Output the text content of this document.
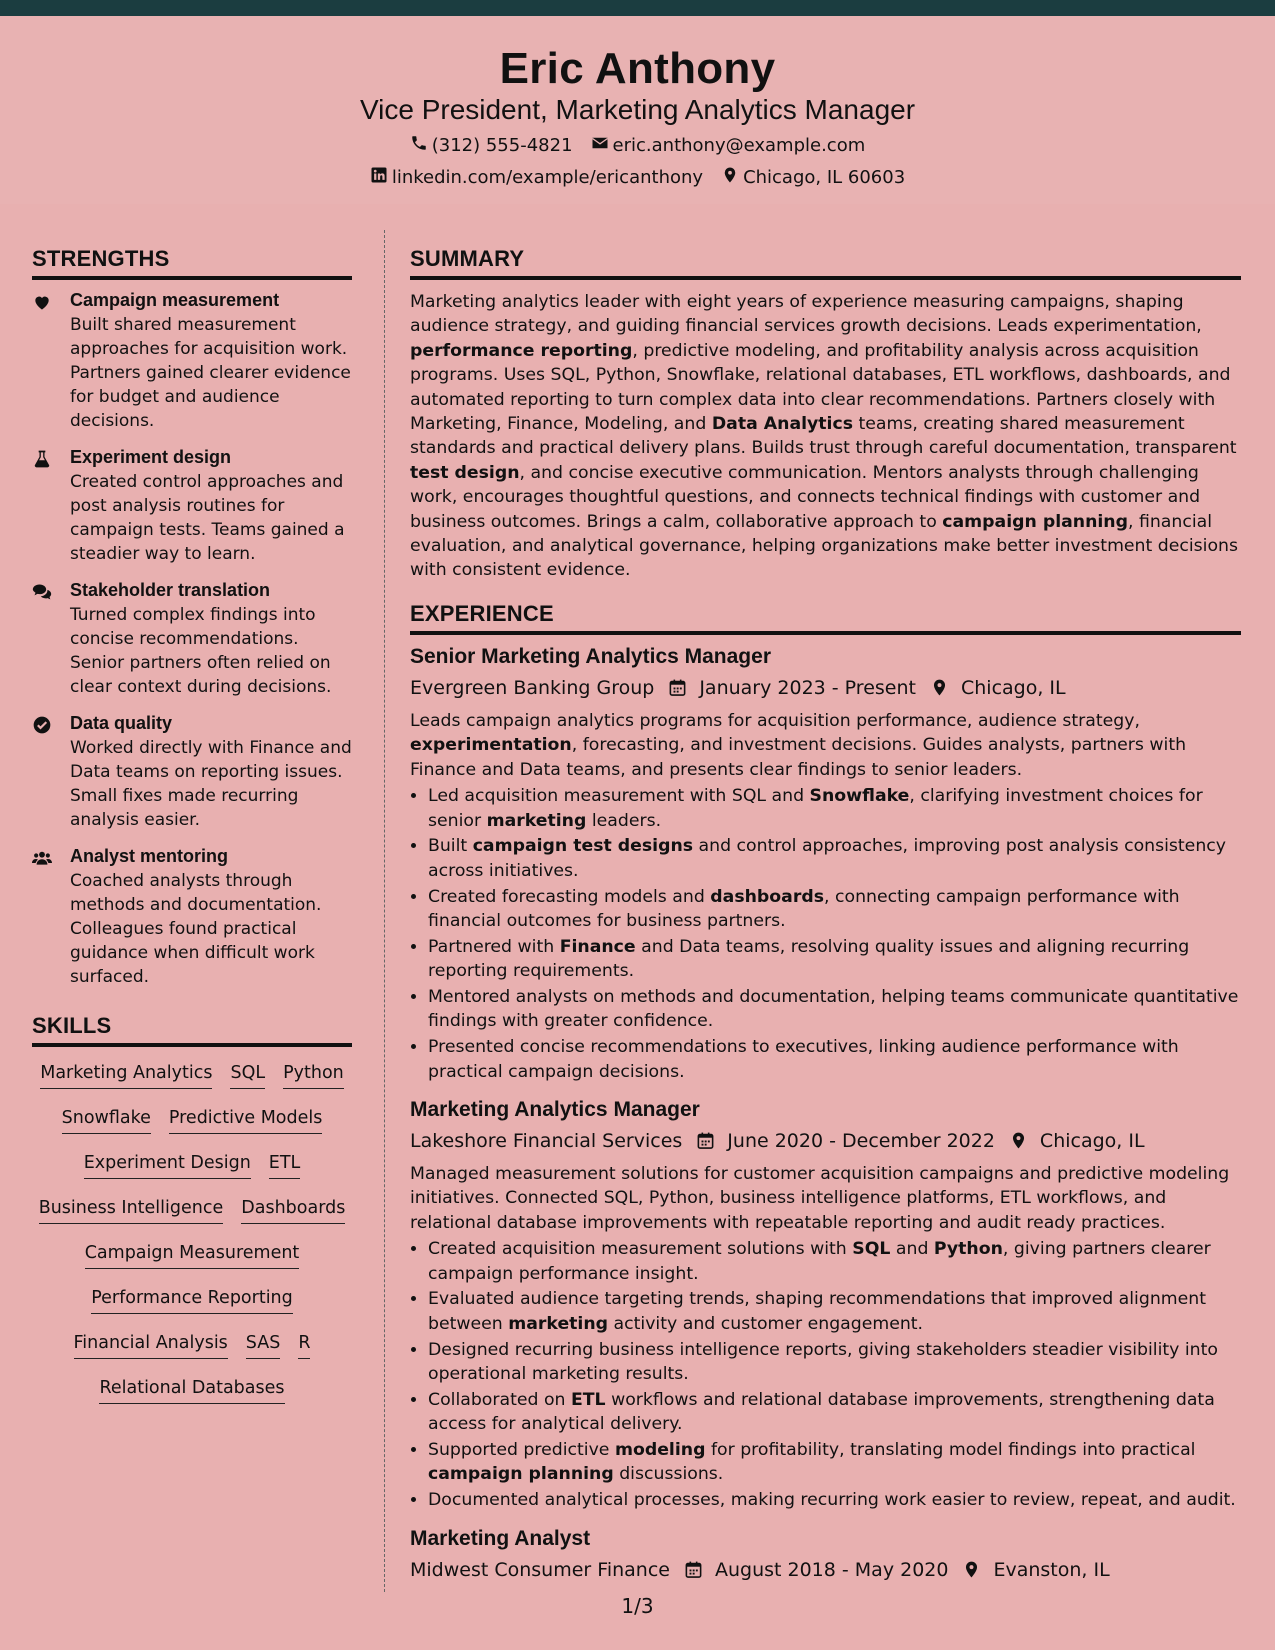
Eric Anthony
Vice President, Marketing Analytics Manager
(312) 555-4821 eric.anthony@example.com
linkedin.com/example/ericanthony Chicago, IL 60603
STRENGTHS
Campaign measurement
Built shared measurement approaches for acquisition work. Partners gained clearer evidence for budget and audience decisions.
Experiment design
Created control approaches and post analysis routines for campaign tests. Teams gained a steadier way to learn.
Stakeholder translation
Turned complex findings into concise recommendations. Senior partners often relied on clear context during decisions.
Data quality
Worked directly with Finance and Data teams on reporting issues. Small fixes made recurring analysis easier.
Analyst mentoring
Coached analysts through methods and documentation. Colleagues found practical guidance when difficult work surfaced.
SKILLS
Marketing Analytics SQL Python
Snowflake Predictive Models
Experiment Design ETL
Business Intelligence Dashboards
Campaign Measurement
Performance Reporting
Financial Analysis SAS R
Relational Databases
SUMMARY
Marketing analytics leader with eight years of experience measuring campaigns, shaping audience strategy, and guiding financial services growth decisions. Leads experimentation, performance reporting, predictive modeling, and profitability analysis across acquisition programs. Uses SQL, Python, Snowflake, relational databases, ETL workflows, dashboards, and automated reporting to turn complex data into clear recommendations. Partners closely with Marketing, Finance, Modeling, and Data Analytics teams, creating shared measurement standards and practical delivery plans. Builds trust through careful documentation, transparent test design, and concise executive communication. Mentors analysts through challenging work, encourages thoughtful questions, and connects technical findings with customer and business outcomes. Brings a calm, collaborative approach to campaign planning, financial evaluation, and analytical governance, helping organizations make better investment decisions with consistent evidence.
EXPERIENCE
Senior Marketing Analytics Manager
Evergreen Banking Group January 2023 - Present Chicago, IL
Leads campaign analytics programs for acquisition performance, audience strategy, experimentation, forecasting, and investment decisions. Guides analysts, partners with Finance and Data teams, and presents clear findings to senior leaders.
• Led acquisition measurement with SQL and Snowflake, clarifying investment choices for senior marketing leaders.
• Built campaign test designs and control approaches, improving post analysis consistency across initiatives.
• Created forecasting models and dashboards, connecting campaign performance with financial outcomes for business partners.
• Partnered with Finance and Data teams, resolving quality issues and aligning recurring reporting requirements.
• Mentored analysts on methods and documentation, helping teams communicate quantitative findings with greater confidence.
• Presented concise recommendations to executives, linking audience performance with practical campaign decisions.
Marketing Analytics Manager
Lakeshore Financial Services June 2020 - December 2022 Chicago, IL
Managed measurement solutions for customer acquisition campaigns and predictive modeling initiatives. Connected SQL, Python, business intelligence platforms, ETL workflows, and relational database improvements with repeatable reporting and audit ready practices.
• Created acquisition measurement solutions with SQL and Python, giving partners clearer campaign performance insight.
• Evaluated audience targeting trends, shaping recommendations that improved alignment between marketing activity and customer engagement.
• Designed recurring business intelligence reports, giving stakeholders steadier visibility into operational marketing results.
• Collaborated on ETL workflows and relational database improvements, strengthening data access for analytical delivery.
• Supported predictive modeling for profitability, translating model findings into practical campaign planning discussions.
• Documented analytical processes, making recurring work easier to review, repeat, and audit.
Marketing Analyst
Midwest Consumer Finance August 2018 - May 2020 Evanston, IL
1/3
